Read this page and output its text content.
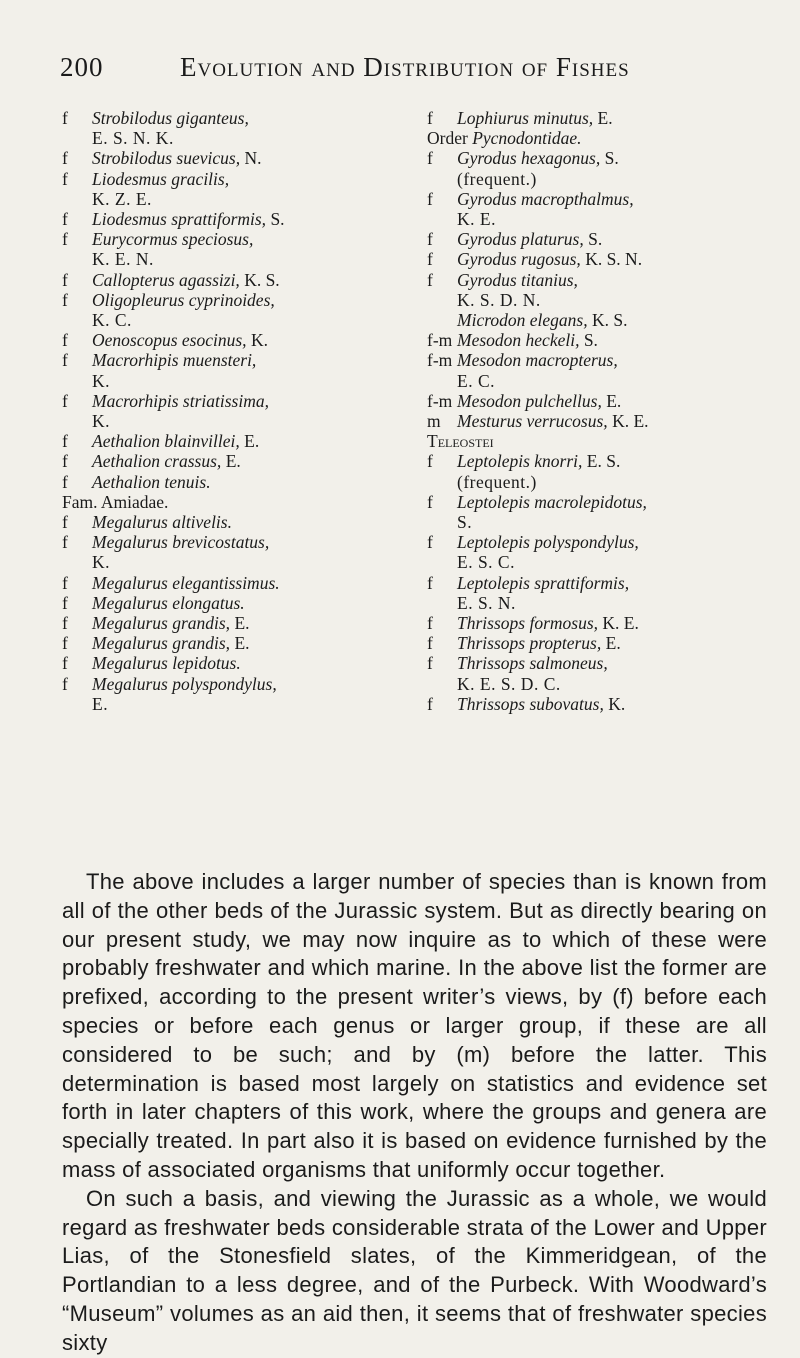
200	Evolution and Distribution of Fishes
f Strobilodus giganteus,
E. S. N. K.
f Strobilodus suevicus, N.
f Liodesmus gracilis,
K. Z. E.
f Liodesmus sprattiformis, S.
f Eurycormus speciosus,
K. E. N.
f Callopterus agassizi, K. S.
f Oligopleurus cyprinoides,
K. C.
f Oenoscopus esocinus, K.
f Macrorhipis muensteri,
K.
f Macrorhipis striatissima,
K.
f Aethalion blainvillei, E.
f Aethalion crassus, E.
f Aethalion tenuis.
Fam. Amiadae.
f Megalurus altivelis.
f Megalurus brevicostatus,
K.
f Megalurus elegantissimus.
f Megalurus elongatus.
f Megalurus grandis, E.
f Megalurus grandis, E.
f Megalurus lepidotus.
f Megalurus polyspondylus,
E.
f Lophiurus minutus, E.
Order Pycnodontidae.
f Gyrodus hexagonus, S.
(frequent.)
f Gyrodus macropthalmus,
K. E.
f Gyrodus platurus, S.
f Gyrodus rugosus, K. S. N.
f Gyrodus titanius,
K. S. D. N.
Microdon elegans, K. S.
f-m Mesodon heckeli, S.
f-m Mesodon macropterus,
E. C.
f-m Mesodon pulchellus, E.
m Mesturus verrucosus, K. E.
Teleostei
f Leptolepis knorri, E. S.
(frequent.)
f Leptolepis macrolepidotus,
S.
f Leptolepis polyspondylus,
E. S. C.
f Leptolepis sprattiformis,
E. S. N.
f Thrissops formosus, K. E.
f Thrissops propterus, E.
f Thrissops salmoneus,
K. E. S. D. C.
f Thrissops subovatus, K.

The above includes a larger number of species than is known from all of the other beds of the Jurassic system. But as directly bearing on our present study, we may now inquire as to which of these were probably freshwater and which marine. In the above list the former are prefixed, according to the present writer’s views, by (f) before each species or before each genus or larger group, if these are all considered to be such; and by (m) before the latter. This determination is based most largely on statistics and evidence set forth in later chapters of this work, where the groups and genera are specially treated. In part also it is based on evidence furnished by the mass of associated organisms that uniformly occur together.

On such a basis, and viewing the Jurassic as a whole, we would regard as freshwater beds considerable strata of the Lower and Upper Lias, of the Stonesfield slates, of the Kimmeridgean, of the Portlandian to a less degree, and of the Purbeck. With Woodward’s “Museum” volumes as an aid then, it seems that of freshwater species sixty
